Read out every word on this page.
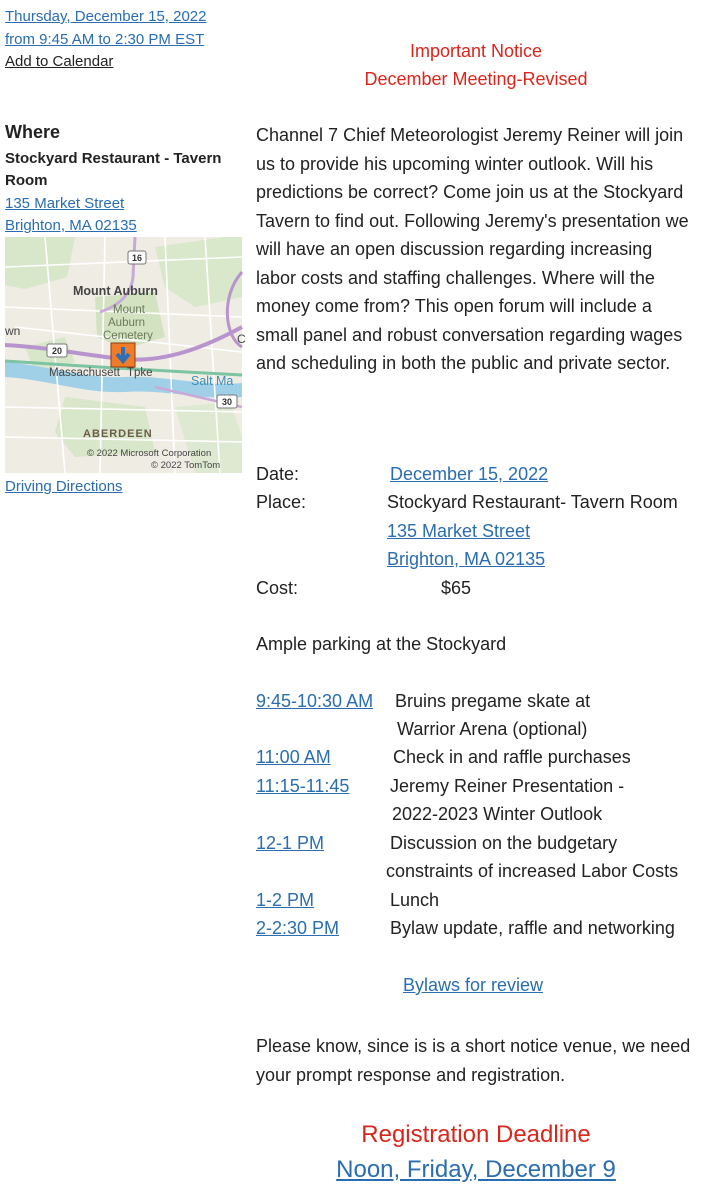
Thursday, December 15, 2022
from 9:45 AM to 2:30 PM EST
Add to Calendar
Where
Stockyard Restaurant - Tavern Room
135 Market Street
Brighton, MA 02135
16
20
30
Mount Auburn
Mount
Auburn
Cemetery
wn
Massachusett Tpke
Salt Ma
ABERDEEN
C
© 2022 Microsoft Corporation
© 2022 TomTom
Driving Directions
Important Notice
December Meeting-Revised
Channel 7 Chief Meteorologist Jeremy Reiner will join us to provide his upcoming winter outlook. Will his predictions be correct? Come join us at the Stockyard Tavern to find out. Following Jeremy's presentation we will have an open discussion regarding increasing labor costs and staffing challenges. Where will the money come from? This open forum will include a small panel and robust conversation regarding wages and scheduling in both the public and private sector.
Date:	December 15, 2022
Place:	Stockyard Restaurant- Tavern Room
135 Market Street
Brighton, MA 02135
Cost:	$65
Ample parking at the Stockyard
9:45-10:30 AM Bruins pregame skate at
Warrior Arena (optional)
11:00 AM	Check in and raffle purchases
11:15-11:45 Jeremy Reiner Presentation -
2022-2023 Winter Outlook
12-1 PM	Discussion on the budgetary
constraints of increased Labor Costs
1-2 PM	Lunch
2-2:30 PM	Bylaw update, raffle and networking
Bylaws for review
Please know, since is is a short notice venue, we need your prompt response and registration.
Registration Deadline
Noon, Friday, December 9
